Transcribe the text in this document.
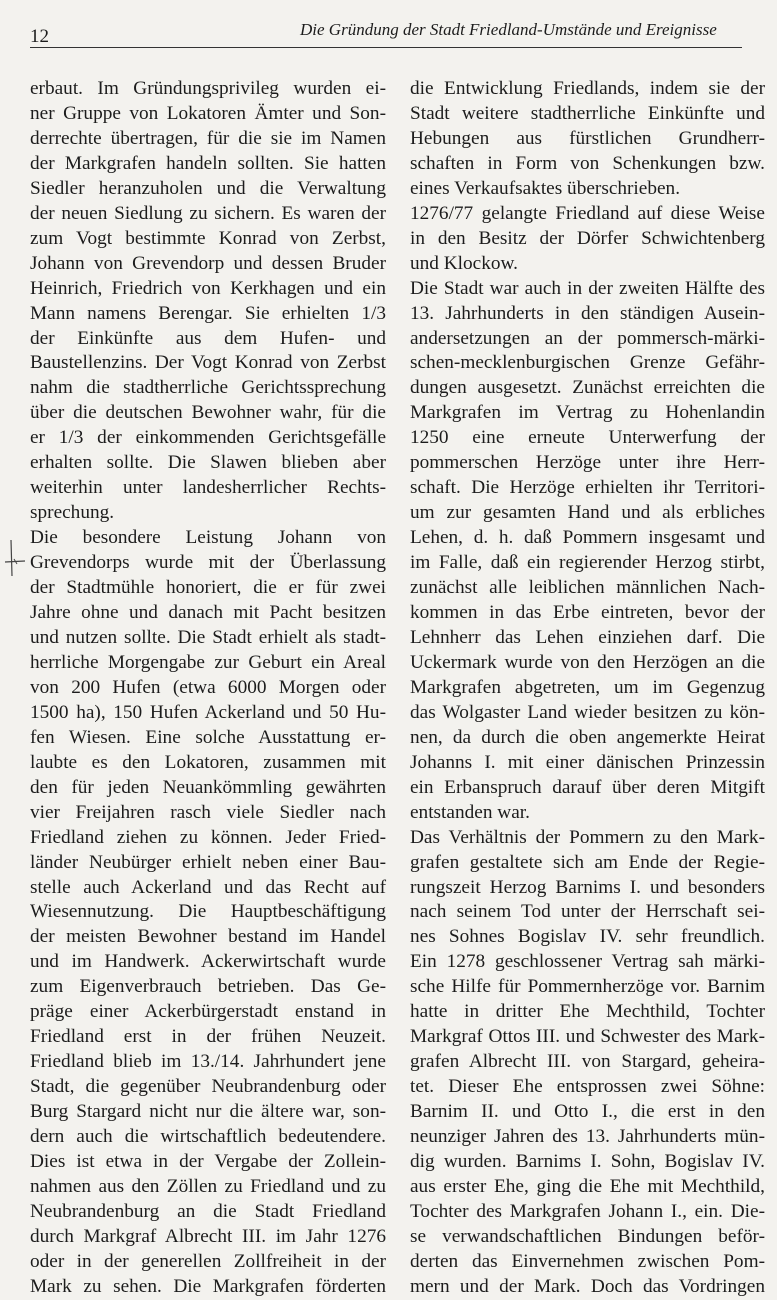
12	Die Gründung der Stadt Friedland-Umstände und Ereignisse
erbaut. Im Gründungsprivileg wurden ei-
ner Gruppe von Lokatoren Ämter und Son-
derrechte übertragen, für die sie im Namen
der Markgrafen handeln sollten. Sie hatten
Siedler heranzuholen und die Verwaltung
der neuen Siedlung zu sichern. Es waren der
zum Vogt bestimmte Konrad von Zerbst,
Johann von Grevendorp und dessen Bruder
Heinrich, Friedrich von Kerkhagen und ein
Mann namens Berengar. Sie erhielten 1/3
der Einkünfte aus dem Hufen- und
Baustellenzins. Der Vogt Konrad von Zerbst
nahm die stadtherrliche Gerichtssprechung
über die deutschen Bewohner wahr, für die
er 1/3 der einkommenden Gerichtsgefälle
erhalten sollte. Die Slawen blieben aber
weiterhin unter landesherrlicher Rechts-
sprechung.
Die besondere Leistung Johann von
Grevendorps wurde mit der Überlassung
der Stadtmühle honoriert, die er für zwei
Jahre ohne und danach mit Pacht besitzen
und nutzen sollte. Die Stadt erhielt als stadt-
herrliche Morgengabe zur Geburt ein Areal
von 200 Hufen (etwa 6000 Morgen oder
1500 ha), 150 Hufen Ackerland und 50 Hu-
fen Wiesen. Eine solche Ausstattung er-
laubte es den Lokatoren, zusammen mit
den für jeden Neuankömmling gewährten
vier Freijahren rasch viele Siedler nach
Friedland ziehen zu können. Jeder Fried-
länder Neubürger erhielt neben einer Bau-
stelle auch Ackerland und das Recht auf
Wiesennutzung. Die Hauptbeschäftigung
der meisten Bewohner bestand im Handel
und im Handwerk. Ackerwirtschaft wurde
zum Eigenverbrauch betrieben. Das Ge-
präge einer Ackerbürgerstadt enstand in
Friedland erst in der frühen Neuzeit.
Friedland blieb im 13./14. Jahrhundert jene
Stadt, die gegenüber Neubrandenburg oder
Burg Stargard nicht nur die ältere war, son-
dern auch die wirtschaftlich bedeutendere.
Dies ist etwa in der Vergabe der Zollein-
nahmen aus den Zöllen zu Friedland und zu
Neubrandenburg an die Stadt Friedland
durch Markgraf Albrecht III. im Jahr 1276
oder in der generellen Zollfreiheit in der
Mark zu sehen. Die Markgrafen förderten
die Entwicklung Friedlands, indem sie der
Stadt weitere stadtherrliche Einkünfte und
Hebungen aus fürstlichen Grundherr-
schaften in Form von Schenkungen bzw.
eines Verkaufsaktes überschrieben.
1276/77 gelangte Friedland auf diese Weise
in den Besitz der Dörfer Schwichtenberg
und Klockow.
Die Stadt war auch in der zweiten Hälfte des
13. Jahrhunderts in den ständigen Ausein-
andersetzungen an der pommersch-märki-
schen-mecklenburgischen Grenze Gefähr-
dungen ausgesetzt. Zunächst erreichten die
Markgrafen im Vertrag zu Hohenlandin
1250 eine erneute Unterwerfung der
pommerschen Herzöge unter ihre Herr-
schaft. Die Herzöge erhielten ihr Territori-
um zur gesamten Hand und als erbliches
Lehen, d. h. daß Pommern insgesamt und
im Falle, daß ein regierender Herzog stirbt,
zunächst alle leiblichen männlichen Nach-
kommen in das Erbe eintreten, bevor der
Lehnherr das Lehen einziehen darf. Die
Uckermark wurde von den Herzögen an die
Markgrafen abgetreten, um im Gegenzug
das Wolgaster Land wieder besitzen zu kön-
nen, da durch die oben angemerkte Heirat
Johanns I. mit einer dänischen Prinzessin
ein Erbanspruch darauf über deren Mitgift
entstanden war.
Das Verhältnis der Pommern zu den Mark-
grafen gestaltete sich am Ende der Regie-
rungszeit Herzog Barnims I. und besonders
nach seinem Tod unter der Herrschaft sei-
nes Sohnes Bogislav IV. sehr freundlich.
Ein 1278 geschlossener Vertrag sah märki-
sche Hilfe für Pommernherzöge vor. Barnim
hatte in dritter Ehe Mechthild, Tochter
Markgraf Ottos III. und Schwester des Mark-
grafen Albrecht III. von Stargard, geheira-
tet. Dieser Ehe entsprossen zwei Söhne:
Barnim II. und Otto I., die erst in den
neunziger Jahren des 13. Jahrhunderts mün-
dig wurden. Barnims I. Sohn, Bogislav IV.
aus erster Ehe, ging die Ehe mit Mechthild,
Tochter des Markgrafen Johann I., ein. Die-
se verwandschaftlichen Bindungen beför-
derten das Einvernehmen zwischen Pom-
mern und der Mark. Doch das Vordringen
